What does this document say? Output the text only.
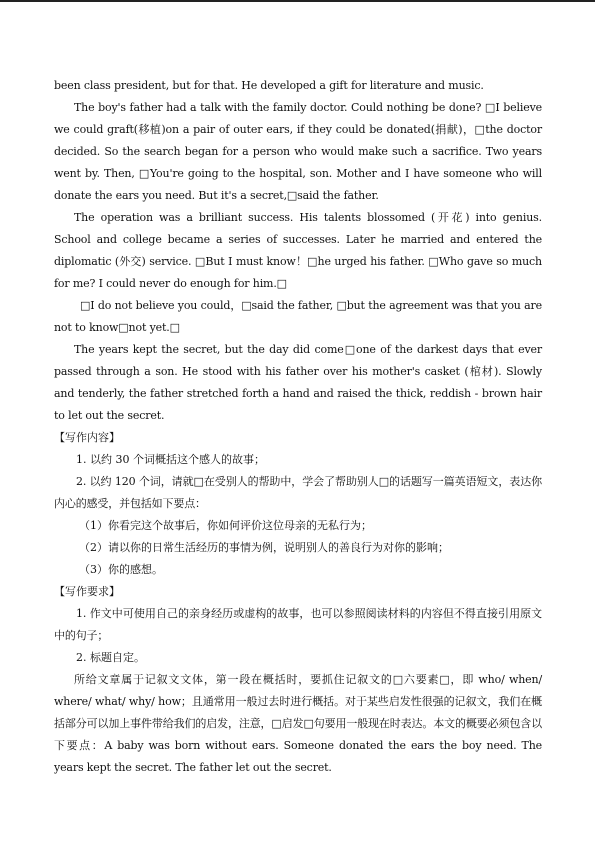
been class president, but for that. He developed a gift for literature and music.

The boy's father had a talk with the family doctor. Could nothing be done? □I believe we could graft(移植)on a pair of outer ears, if they could be donated(捐献)，□the doctor decided. So the search began for a person who would make such a sacrifice. Two years went by. Then, □You're going to the hospital, son. Mother and I have someone who will donate the ears you need. But it's a secret,□said the father.

The operation was a brilliant success. His talents blossomed (开花) into genius. School and college became a series of successes. Later he married and entered the diplomatic (外交) service. □But I must know！□he urged his father. □Who gave so much for me? I could never do enough for him.□

□I do not believe you could，□said the father, □but the agreement was that you are not to know□not yet.□

The years kept the secret, but the day did come□one of the darkest days that ever passed through a son. He stood with his father over his mother's casket (棺材). Slowly and tenderly, the father stretched forth a hand and raised the thick, reddish - brown hair to let out the secret.

【写作内容】

1. 以约 30 个词概括这个感人的故事；

2. 以约 120 个词，请就□在受别人的帮助中，学会了帮助别人□的话题写一篇英语短文，表达你内心的感受，并包括如下要点：

（1）你看完这个故事后，你如何评价这位母亲的无私行为；

（2）请以你的日常生活经历的事情为例，说明别人的善良行为对你的影响；

（3）你的感想。

【写作要求】

1. 作文中可使用自己的亲身经历或虚构的故事，也可以参照阅读材料的内容但不得直接引用原文中的句子；

2. 标题自定。

所给文章属于记叙文文体，第一段在概括时，要抓住记叙文的□六要素□，即 who/ when/ where/ what/ why/ how；且通常用一般过去时进行概括。对于某些启发性很强的记叙文，我们在概括部分可以加上事件带给我们的启发，注意，□启发□句要用一般现在时表达。本文的概要必须包含以下要点：A baby was born without ears. Someone donated the ears the boy need. The years kept the secret. The father let out the secret.
